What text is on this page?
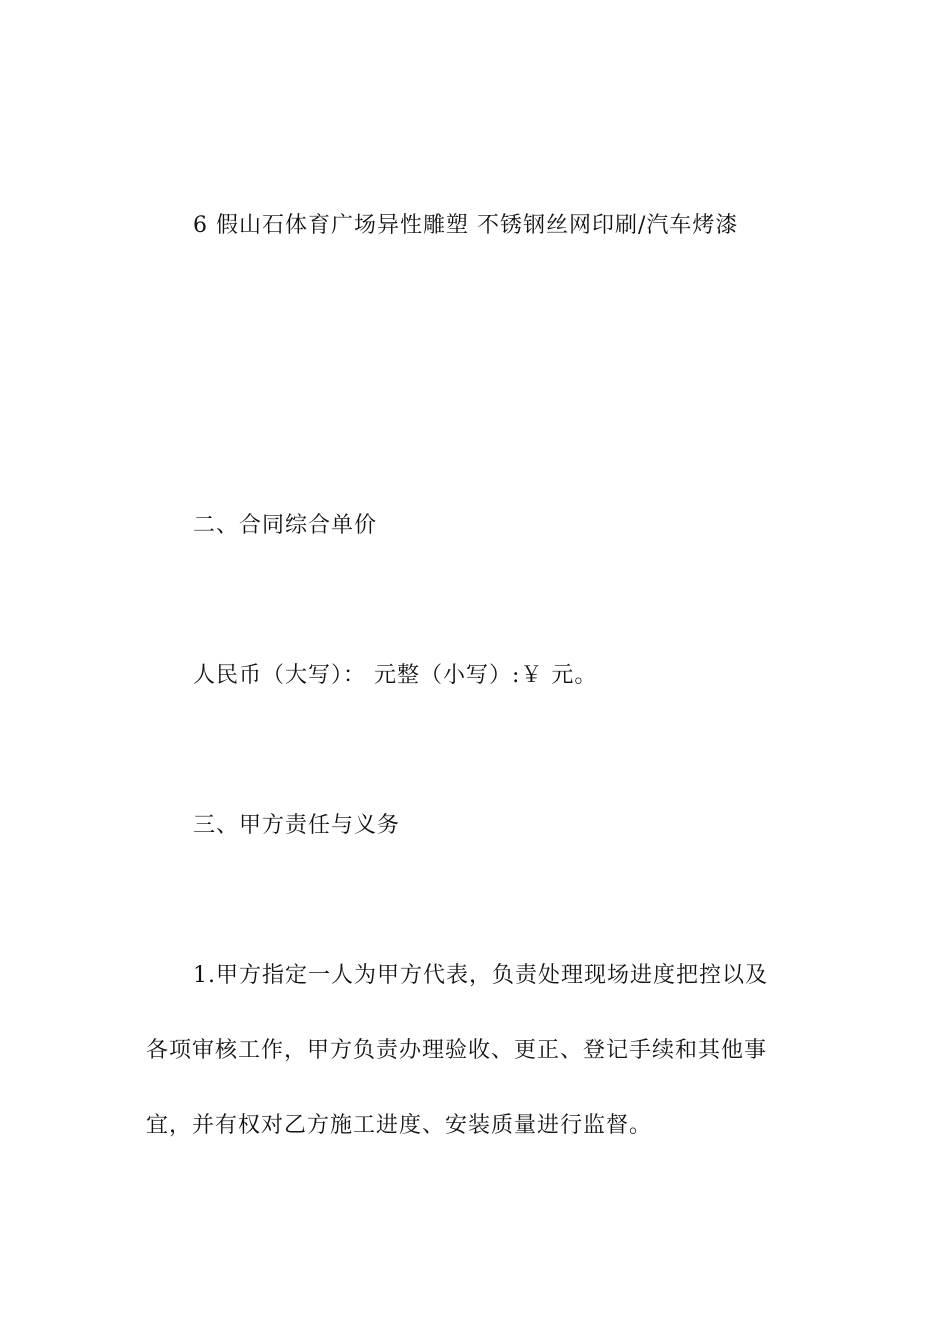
6 假山石体育广场异性雕塑 不锈钢丝网印刷/汽车烤漆
二、合同综合单价
人民币（大写）： 元整（小写）:￥ 元。
三、甲方责任与义务
1.甲方指定一人为甲方代表，负责处理现场进度把控以及
各项审核工作，甲方负责办理验收、更正、登记手续和其他事
宜，并有权对乙方施工进度、安装质量进行监督。
